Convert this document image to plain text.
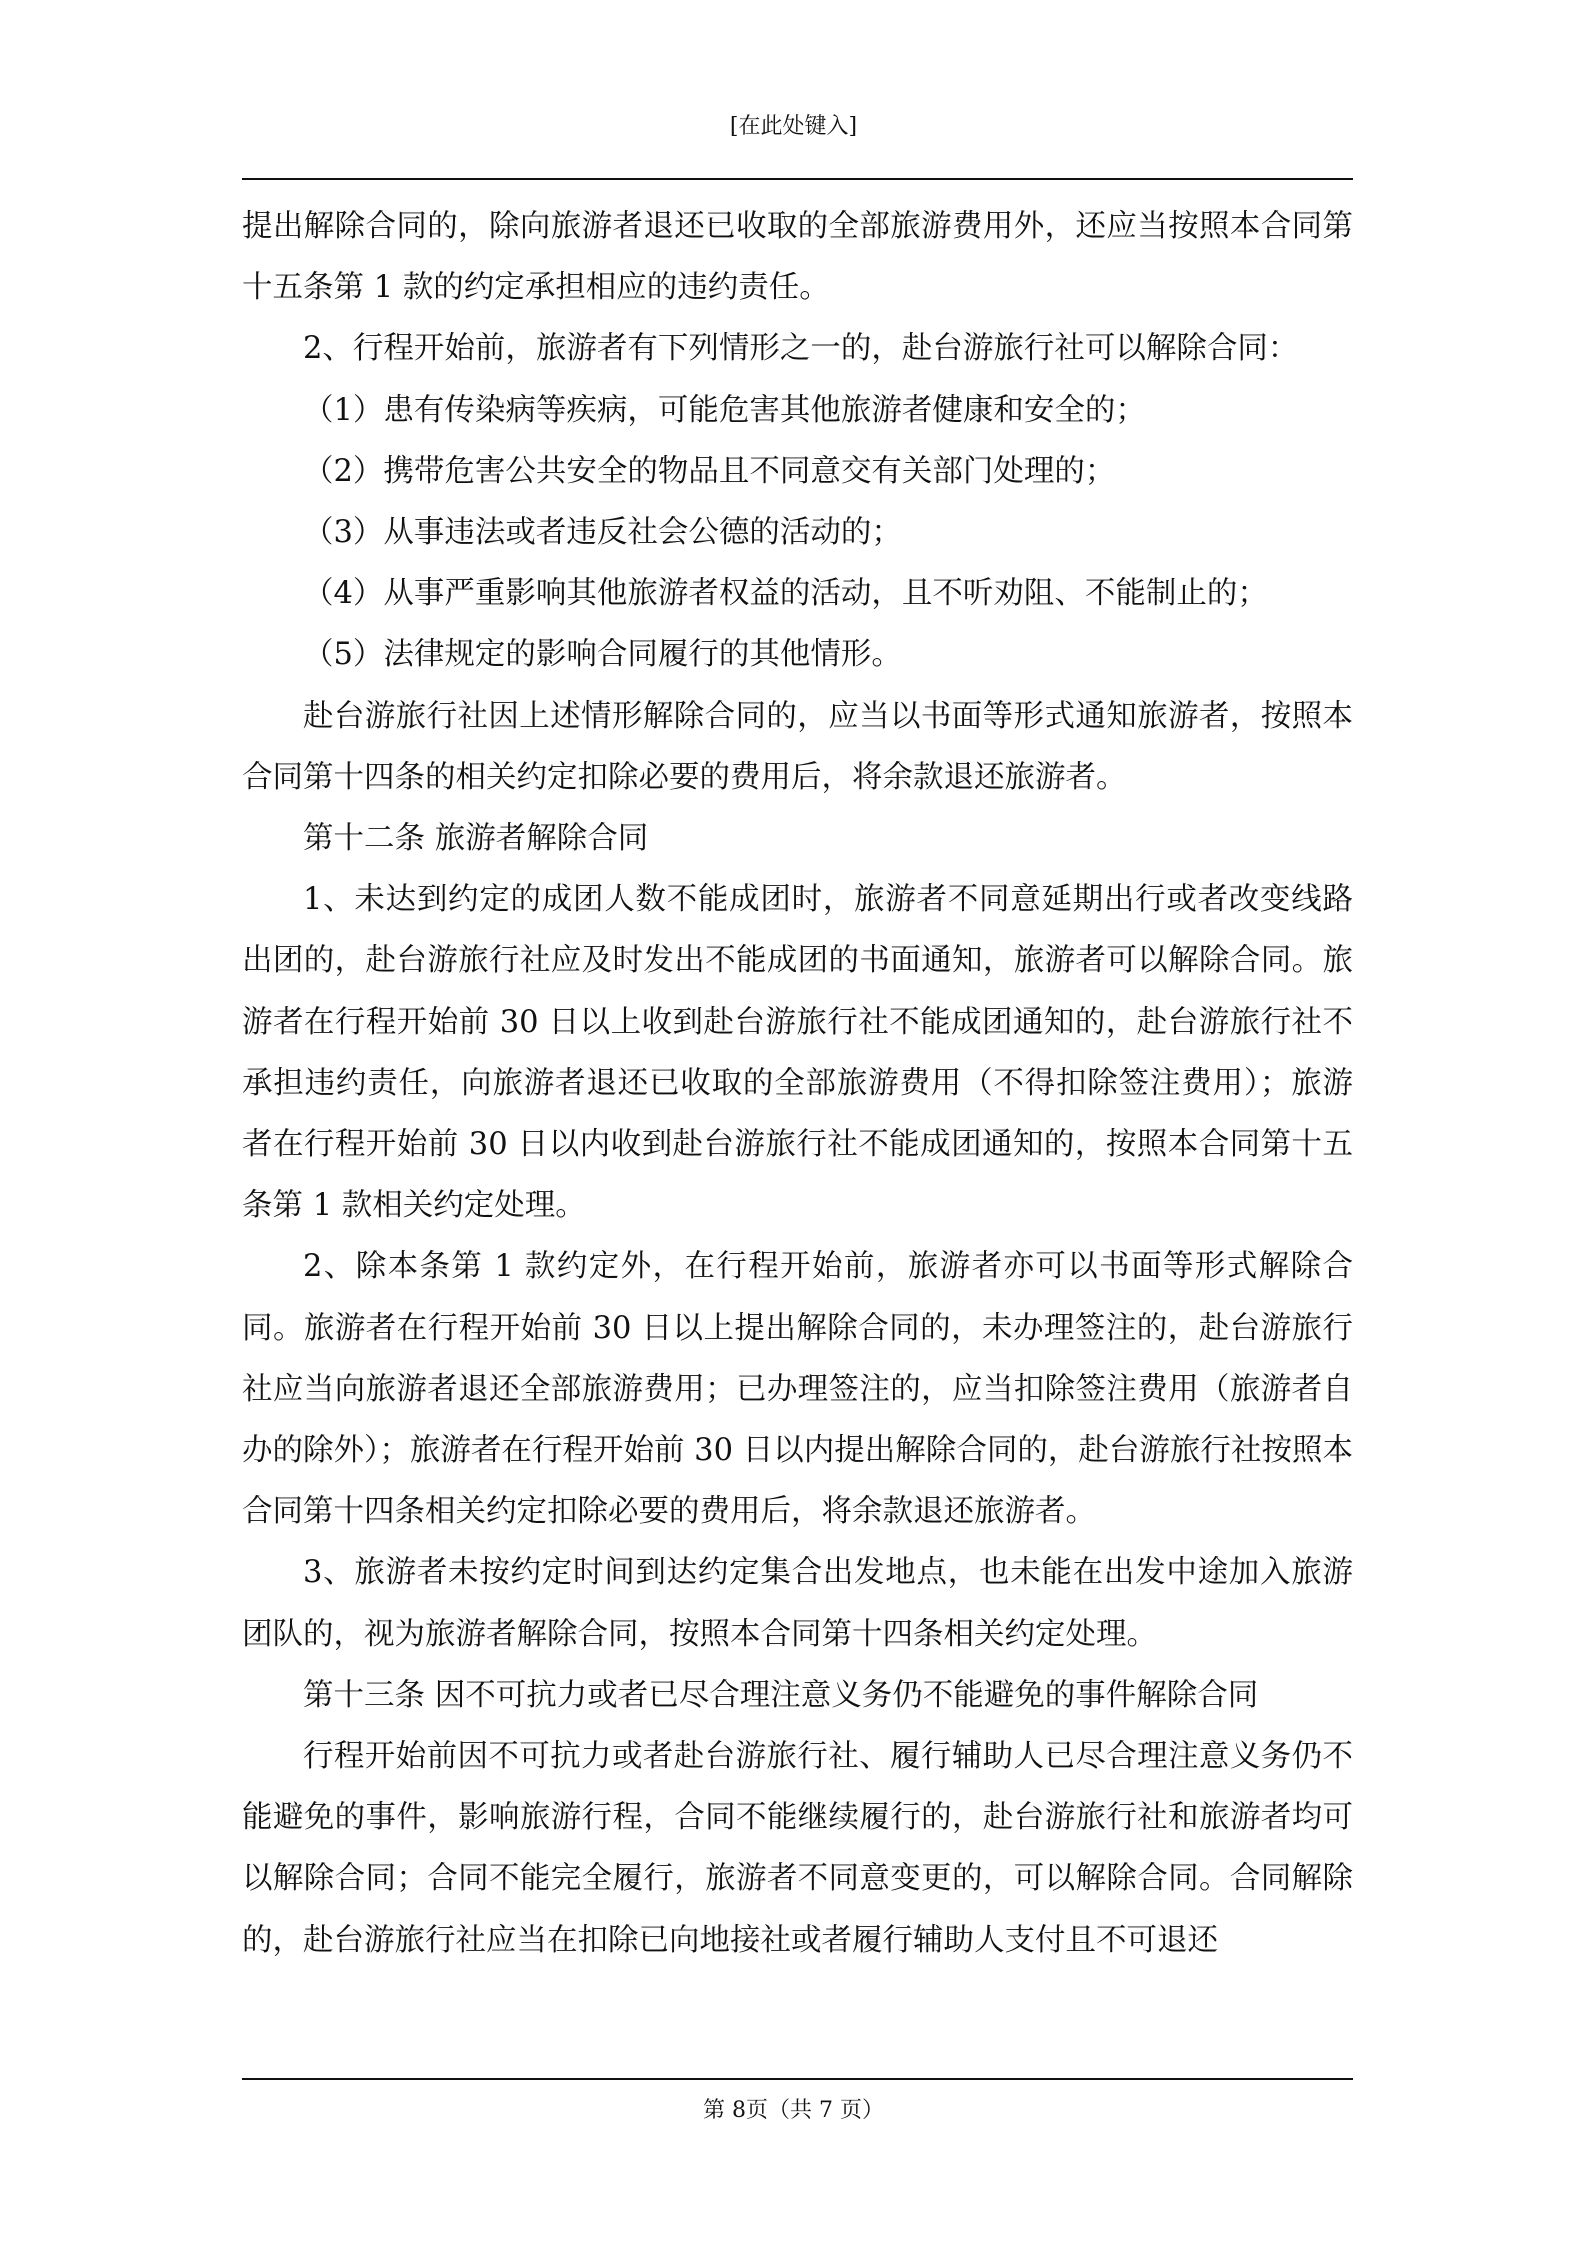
[在此处键入]

提出解除合同的，除向旅游者退还已收取的全部旅游费用外，还应当按照本合同第十五条第 1 款的约定承担相应的违约责任。

2、行程开始前，旅游者有下列情形之一的，赴台游旅行社可以解除合同：

（1）患有传染病等疾病，可能危害其他旅游者健康和安全的；

（2）携带危害公共安全的物品且不同意交有关部门处理的；

（3）从事违法或者违反社会公德的活动的；

（4）从事严重影响其他旅游者权益的活动，且不听劝阻、不能制止的；

（5）法律规定的影响合同履行的其他情形。

赴台游旅行社因上述情形解除合同的，应当以书面等形式通知旅游者，按照本合同第十四条的相关约定扣除必要的费用后，将余款退还旅游者。

第十二条 旅游者解除合同

1、未达到约定的成团人数不能成团时，旅游者不同意延期出行或者改变线路出团的，赴台游旅行社应及时发出不能成团的书面通知，旅游者可以解除合同。旅游者在行程开始前 30 日以上收到赴台游旅行社不能成团通知的，赴台游旅行社不承担违约责任，向旅游者退还已收取的全部旅游费用（不得扣除签注费用）；旅游者在行程开始前 30 日以内收到赴台游旅行社不能成团通知的，按照本合同第十五条第 1 款相关约定处理。

2、除本条第 1 款约定外，在行程开始前，旅游者亦可以书面等形式解除合同。旅游者在行程开始前 30 日以上提出解除合同的，未办理签注的，赴台游旅行社应当向旅游者退还全部旅游费用；已办理签注的，应当扣除签注费用（旅游者自办的除外）；旅游者在行程开始前 30 日以内提出解除合同的，赴台游旅行社按照本合同第十四条相关约定扣除必要的费用后，将余款退还旅游者。

3、旅游者未按约定时间到达约定集合出发地点，也未能在出发中途加入旅游团队的，视为旅游者解除合同，按照本合同第十四条相关约定处理。

第十三条 因不可抗力或者已尽合理注意义务仍不能避免的事件解除合同

行程开始前因不可抗力或者赴台游旅行社、履行辅助人已尽合理注意义务仍不能避免的事件，影响旅游行程，合同不能继续履行的，赴台游旅行社和旅游者均可以解除合同；合同不能完全履行，旅游者不同意变更的，可以解除合同。合同解除的，赴台游旅行社应当在扣除已向地接社或者履行辅助人支付且不可退还

第 8页（共 7 页）
